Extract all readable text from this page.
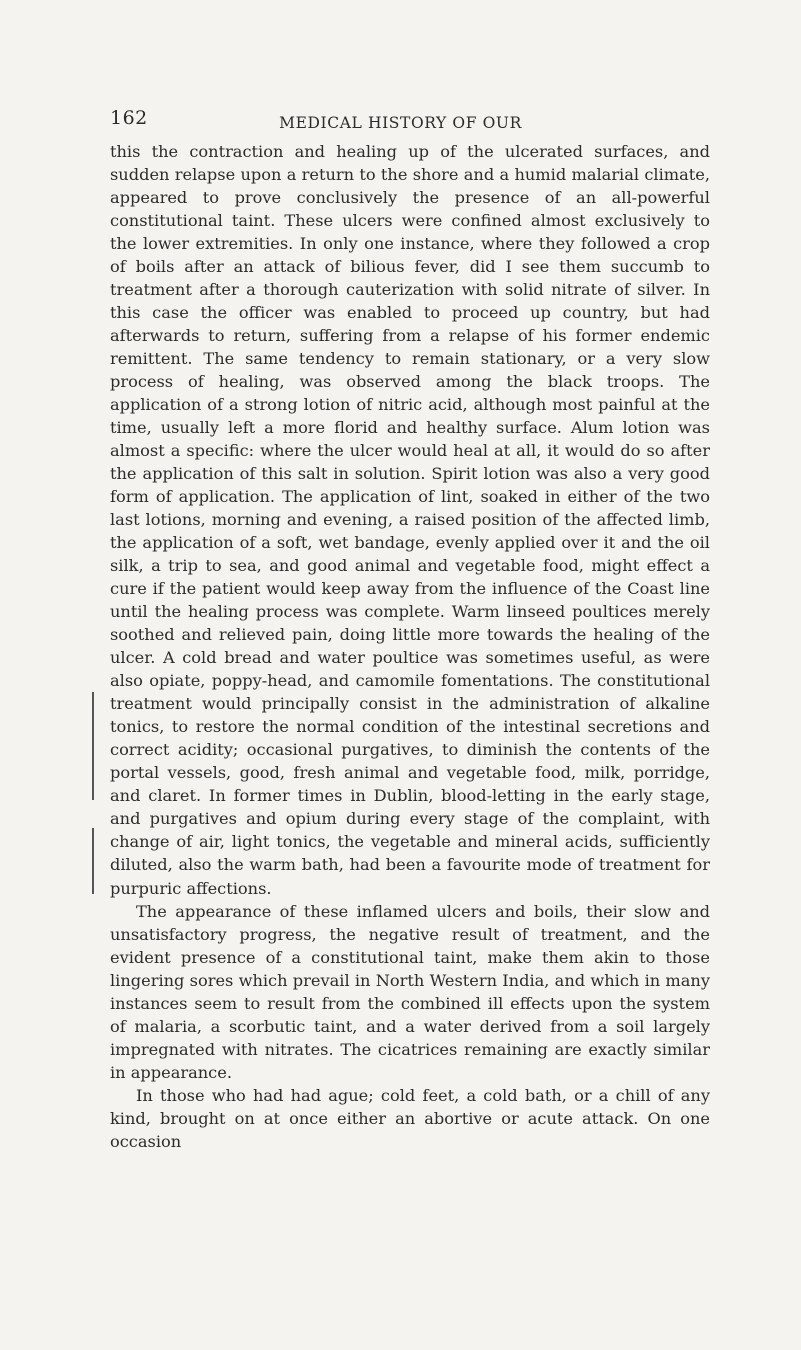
162	MEDICAL HISTORY OF OUR

this the contraction and healing up of the ulcerated surfaces, and sudden relapse upon a return to the shore and a humid malarial climate, appeared to prove conclusively the presence of an all-powerful constitutional taint. These ulcers were confined almost exclusively to the lower extremities. In only one instance, where they followed a crop of boils after an attack of bilious fever, did I see them succumb to treatment after a thorough cauterization with solid nitrate of silver. In this case the officer was enabled to proceed up country, but had afterwards to return, suffering from a relapse of his former endemic remittent. The same tendency to remain stationary, or a very slow process of healing, was observed among the black troops. The application of a strong lotion of nitric acid, although most painful at the time, usually left a more florid and healthy surface. Alum lotion was almost a specific: where the ulcer would heal at all, it would do so after the application of this salt in solution. Spirit lotion was also a very good form of application. The application of lint, soaked in either of the two last lotions, morning and evening, a raised position of the affected limb, the application of a soft, wet bandage, evenly applied over it and the oil silk, a trip to sea, and good animal and vegetable food, might effect a cure if the patient would keep away from the influence of the Coast line until the healing process was complete. Warm linseed poultices merely soothed and relieved pain, doing little more towards the healing of the ulcer. A cold bread and water poultice was sometimes useful, as were also opiate, poppy-head, and camomile fomentations. The constitutional treatment would principally consist in the administration of alkaline tonics, to restore the normal condition of the intestinal secretions and correct acidity; occasional purgatives, to diminish the contents of the portal vessels, good, fresh animal and vegetable food, milk, porridge, and claret. In former times in Dublin, blood-letting in the early stage, and purgatives and opium during every stage of the complaint, with change of air, light tonics, the vegetable and mineral acids, sufficiently diluted, also the warm bath, had been a favourite mode of treatment for purpuric affections.

The appearance of these inflamed ulcers and boils, their slow and unsatisfactory progress, the negative result of treatment, and the evident presence of a constitutional taint, make them akin to those lingering sores which prevail in North Western India, and which in many instances seem to result from the combined ill effects upon the system of malaria, a scorbutic taint, and a water derived from a soil largely impregnated with nitrates. The cicatrices remaining are exactly similar in appearance.

In those who had had ague; cold feet, a cold bath, or a chill of any kind, brought on at once either an abortive or acute attack. On one occasion
